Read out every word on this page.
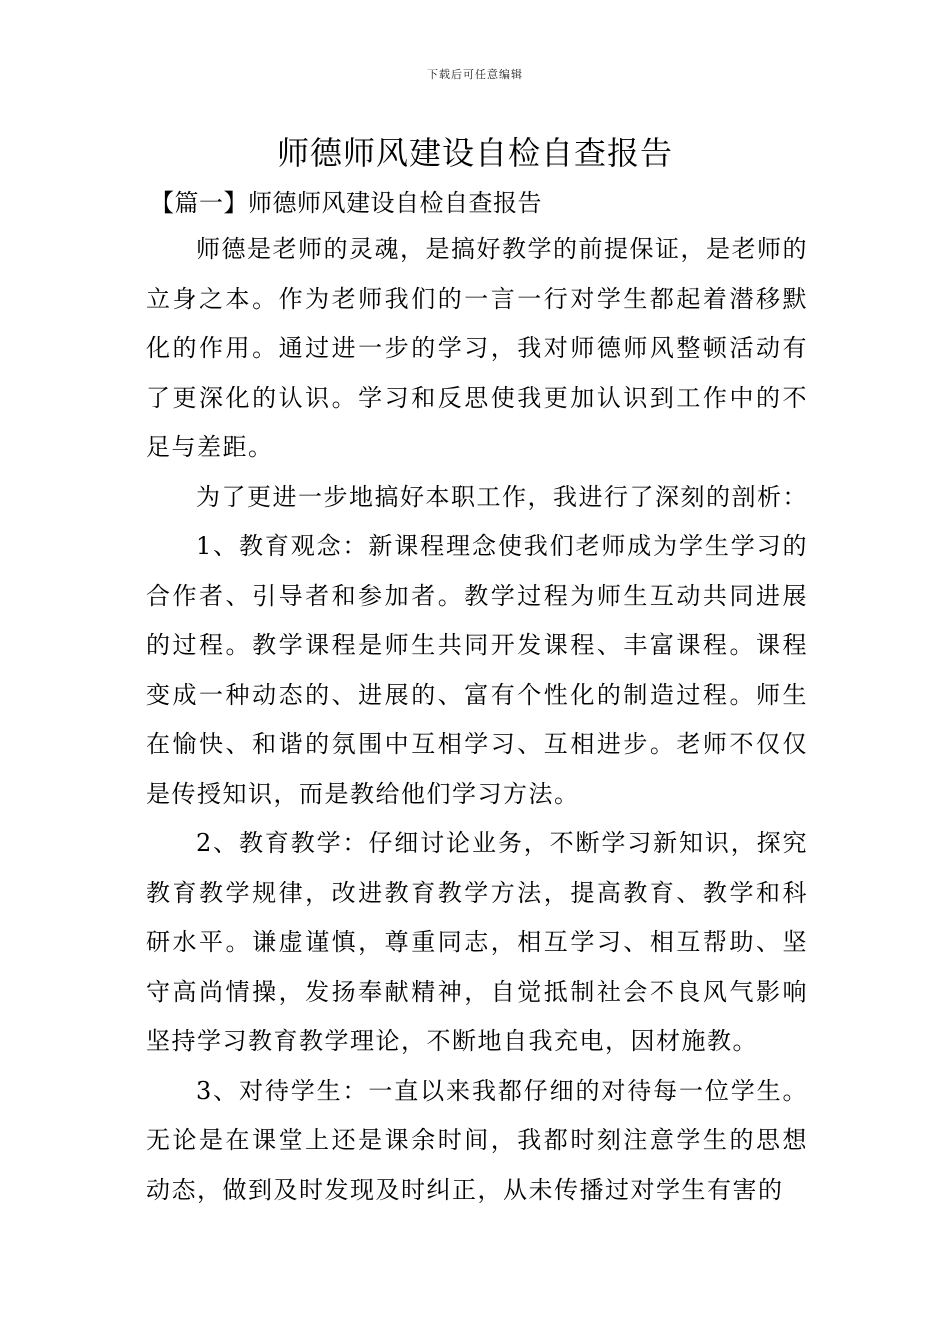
下载后可任意编辑
师德师风建设自检自查报告
【篇一】师德师风建设自检自查报告

师德是老师的灵魂，是搞好教学的前提保证，是老师的立身之本。作为老师我们的一言一行对学生都起着潜移默化的作用。通过进一步的学习，我对师德师风整顿活动有了更深化的认识。学习和反思使我更加认识到工作中的不足与差距。

为了更进一步地搞好本职工作，我进行了深刻的剖析：

1、教育观念：新课程理念使我们老师成为学生学习的合作者、引导者和参加者。教学过程为师生互动共同进展的过程。教学课程是师生共同开发课程、丰富课程。课程变成一种动态的、进展的、富有个性化的制造过程。师生在愉快、和谐的氛围中互相学习、互相进步。老师不仅仅是传授知识，而是教给他们学习方法。

2、教育教学：仔细讨论业务，不断学习新知识，探究教育教学规律，改进教育教学方法，提高教育、教学和科研水平。谦虚谨慎，尊重同志，相互学习、相互帮助、坚守高尚情操，发扬奉献精神，自觉抵制社会不良风气影响坚持学习教育教学理论，不断地自我充电，因材施教。

3、对待学生：一直以来我都仔细的对待每一位学生。无论是在课堂上还是课余时间，我都时刻注意学生的思想动态，做到及时发现及时纠正，从未传播过对学生有害的
